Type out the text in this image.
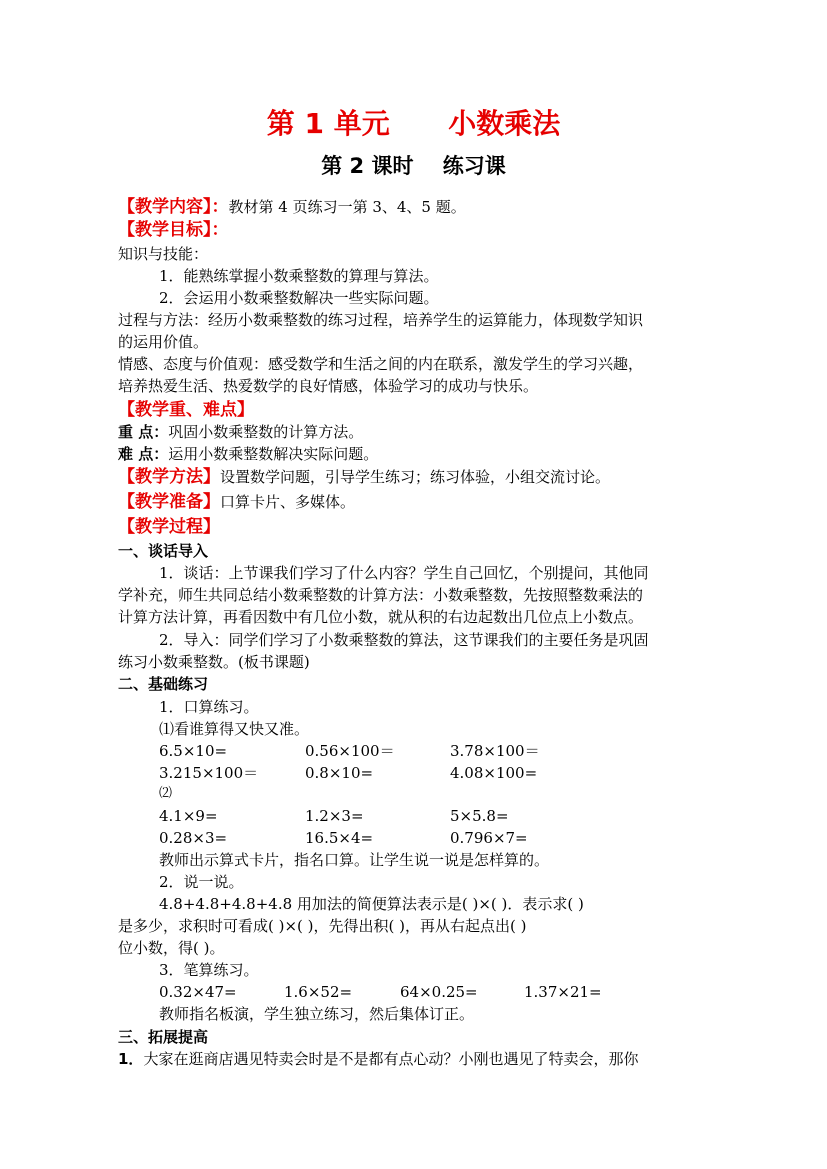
第 1 单元      小数乘法
第 2 课时    练习课
【教学内容】：教材第 4 页练习一第 3、4、5 题。
【教学目标】：
知识与技能：
1．能熟练掌握小数乘整数的算理与算法。
2．会运用小数乘整数解决一些实际问题。
过程与方法：经历小数乘整数的练习过程，培养学生的运算能力，体现数学知识
的运用价值。
情感、态度与价值观：感受数学和生活之间的内在联系，激发学生的学习兴趣，
培养热爱生活、热爱数学的良好情感，体验学习的成功与快乐。
【教学重、难点】
重 点：巩固小数乘整数的计算方法。
难 点：运用小数乘整数解决实际问题。
【教学方法】设置数学问题，引导学生练习；练习体验，小组交流讨论。
【教学准备】口算卡片、多媒体。
【教学过程】
一、谈话导入
1．谈话：上节课我们学习了什么内容？学生自己回忆，个别提问，其他同
学补充，师生共同总结小数乘整数的计算方法：小数乘整数，先按照整数乘法的
计算方法计算，再看因数中有几位小数，就从积的右边起数出几位点上小数点。
2．导入：同学们学习了小数乘整数的算法，这节课我们的主要任务是巩固
练习小数乘整数。(板书课题)
二、基础练习
1．口算练习。
⑴看谁算得又快又准。
6.5×10=	0.56×100＝	3.78×100＝
3.215×100＝	0.8×10=	4.08×100=
⑵
4.1×9=	1.2×3=	5×5.8=
0.28×3=	16.5×4=	0.796×7=
教师出示算式卡片，指名口算。让学生说一说是怎样算的。
2．说一说。
4.8+4.8+4.8+4.8 用加法的简便算法表示是( )×( )．表示求( )
是多少，求积时可看成( )×( )，先得出积( )，再从右起点出( )
位小数，得( )。
3．笔算练习。
0.32×47=	1.6×52=	64×0.25=	1.37×21=
教师指名板演，学生独立练习，然后集体订正。
三、拓展提高
1．大家在逛商店遇见特卖会时是不是都有点心动？小刚也遇见了特卖会，那你
